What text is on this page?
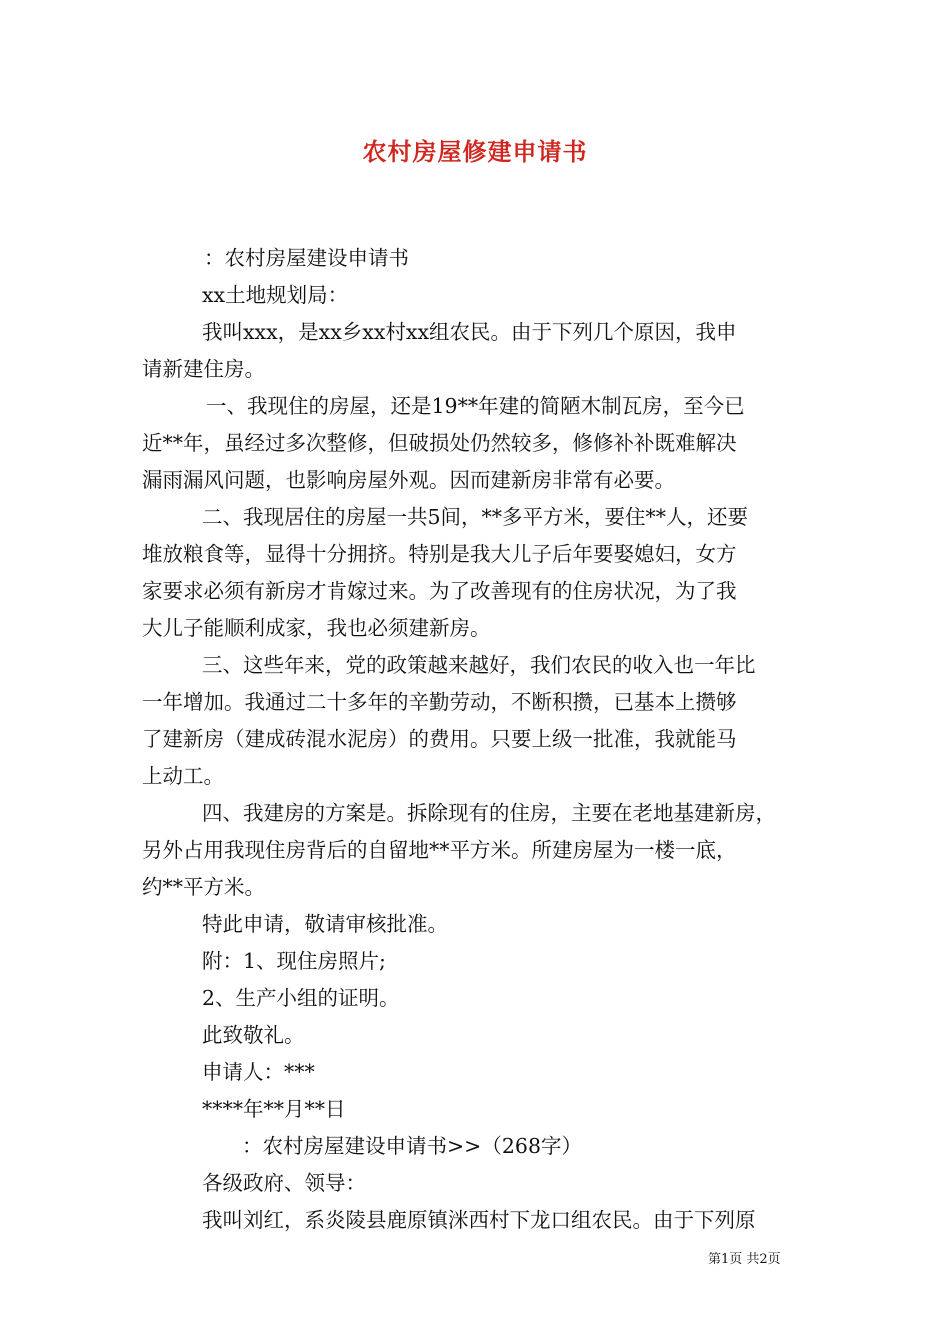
农村房屋修建申请书
：农村房屋建设申请书
xx土地规划局：
我叫xxx，是xx乡xx村xx组农民。由于下列几个原因，我申
请新建住房。
一、我现住的房屋，还是19**年建的简陋木制瓦房，至今已
近**年，虽经过多次整修，但破损处仍然较多，修修补补既难解决
漏雨漏风问题，也影响房屋外观。因而建新房非常有必要。
二、我现居住的房屋一共5间，**多平方米，要住**人，还要
堆放粮食等，显得十分拥挤。特别是我大儿子后年要娶媳妇，女方
家要求必须有新房才肯嫁过来。为了改善现有的住房状况，为了我
大儿子能顺利成家，我也必须建新房。
三、这些年来，党的政策越来越好，我们农民的收入也一年比
一年增加。我通过二十多年的辛勤劳动，不断积攒，已基本上攒够
了建新房（建成砖混水泥房）的费用。只要上级一批准，我就能马
上动工。
四、我建房的方案是。拆除现有的住房，主要在老地基建新房，
另外占用我现住房背后的自留地**平方米。所建房屋为一楼一底，
约**平方米。
特此申请，敬请审核批准。
附：1、现住房照片;
2、生产小组的证明。
此致敬礼。
申请人：***
****年**月**日
：农村房屋建设申请书>>（268字）
各级政府、领导：
我叫刘红，系炎陵县鹿原镇洣西村下龙口组农民。由于下列原
第1页 共2页
